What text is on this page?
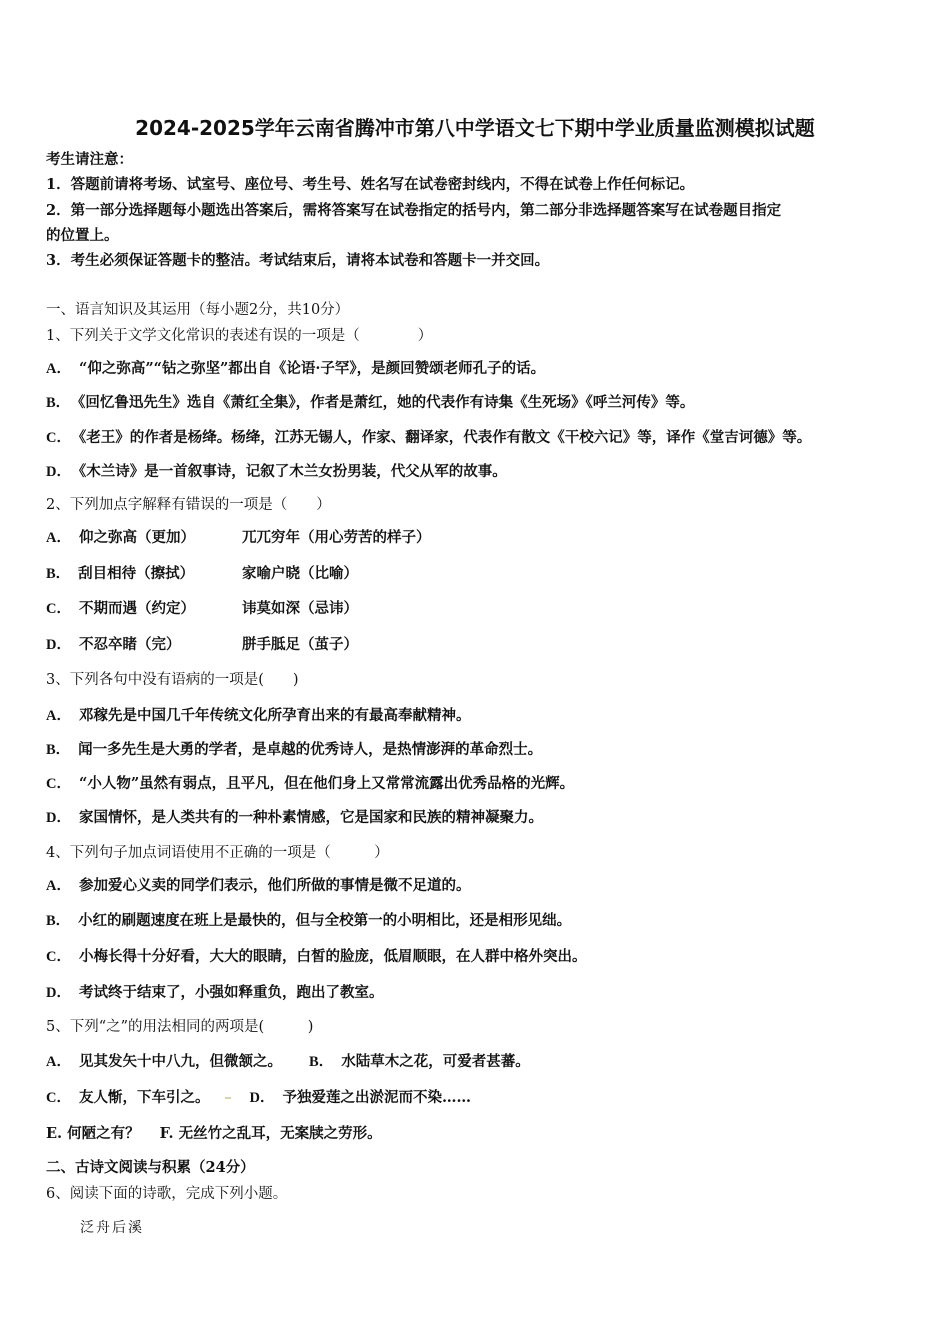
2024-2025学年云南省腾冲市第八中学语文七下期中学业质量监测模拟试题
考生请注意：
1．答题前请将考场、试室号、座位号、考生号、姓名写在试卷密封线内，不得在试卷上作任何标记。
2．第一部分选择题每小题选出答案后，需将答案写在试卷指定的括号内，第二部分非选择题答案写在试卷题目指定
的位置上。
3．考生必须保证答题卡的整洁。考试结束后，请将本试卷和答题卡一并交回。
一、语言知识及其运用（每小题2分，共10分）
1、下列关于文学文化常识的表述有误的一项是（　　　　）
A． “仰之弥高”“钻之弥坚”都出自《论语·子罕》，是颜回赞颂老师孔子的话。
B． 《回忆鲁迅先生》选自《萧红全集》，作者是萧红，她的代表作有诗集《生死场》《呼兰河传》等。
C． 《老王》的作者是杨绛。杨绛，江苏无锡人，作家、翻译家，代表作有散文《干校六记》等，译作《堂吉诃德》等。
D． 《木兰诗》是一首叙事诗，记叙了木兰女扮男装，代父从军的故事。
2、下列加点字解释有错误的一项是（　　）
A． 仰之弥高（更加）	兀兀穷年（用心劳苦的样子）
B． 刮目相待（擦拭）	家喻户晓（比喻）
C． 不期而遇（约定）	讳莫如深（忌讳）
D． 不忍卒睹（完）	胼手胝足（茧子）
3、下列各句中没有语病的一项是(　　)
A． 邓稼先是中国几千年传统文化所孕育出来的有最高奉献精神。
B． 闻一多先生是大勇的学者，是卓越的优秀诗人，是热情澎湃的革命烈士。
C． “小人物”虽然有弱点，且平凡，但在他们身上又常常流露出优秀品格的光辉。
D． 家国情怀，是人类共有的一种朴素情感，它是国家和民族的精神凝聚力。
4、下列句子加点词语使用不正确的一项是（　　　）
A． 参加爱心义卖的同学们表示，他们所做的事情是微不足道的。
B． 小红的刷题速度在班上是最快的，但与全校第一的小明相比，还是相形见绌。
C． 小梅长得十分好看，大大的眼睛，白皙的脸庞，低眉顺眼，在人群中格外突出。
D． 考试终于结束了，小强如释重负，跑出了教室。
5、下列“之”的用法相同的两项是(　　　)
A． 见其发矢十中八九，但微颔之。 B． 水陆草木之花，可爱者甚蕃。
C． 友人惭，下车引之。	D． 予独爱莲之出淤泥而不染……
E. 何陋之有？ F. 无丝竹之乱耳，无案牍之劳形。
二、古诗文阅读与积累（24分）
6、阅读下面的诗歌，完成下列小题。
泛舟后溪
